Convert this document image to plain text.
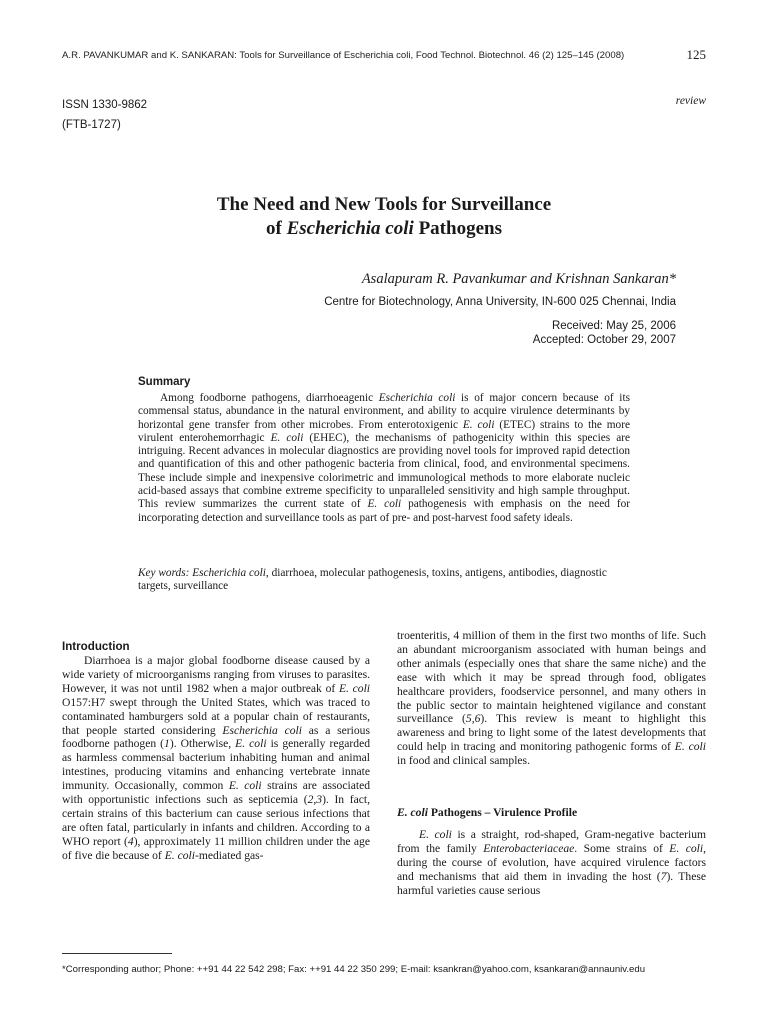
A.R. PAVANKUMAR and K. SANKARAN: Tools for Surveillance of Escherichia coli, Food Technol. Biotechnol. 46 (2) 125–145 (2008)	125
ISSN 1330-9862
(FTB-1727)
review
The Need and New Tools for Surveillance
of Escherichia coli Pathogens
Asalapuram R. Pavankumar and Krishnan Sankaran*
Centre for Biotechnology, Anna University, IN-600 025 Chennai, India
Received: May 25, 2006
Accepted: October 29, 2007
Summary
Among foodborne pathogens, diarrhoeagenic Escherichia coli is of major concern because of its commensal status, abundance in the natural environment, and ability to acquire virulence determinants by horizontal gene transfer from other microbes. From enterotoxigenic E. coli (ETEC) strains to the more virulent enterohemorrhagic E. coli (EHEC), the mechanisms of pathogenicity within this species are intriguing. Recent advances in molecular diagnostics are providing novel tools for improved rapid detection and quantification of this and other pathogenic bacteria from clinical, food, and environmental specimens. These include simple and inexpensive colorimetric and immunological methods to more elaborate nucleic acid-based assays that combine extreme specificity to unparalleled sensitivity and high sample throughput. This review summarizes the current state of E. coli pathogenesis with emphasis on the need for incorporating detection and surveillance tools as part of pre- and post-harvest food safety ideals.
Key words: Escherichia coli, diarrhoea, molecular pathogenesis, toxins, antigens, antibodies, diagnostic targets, surveillance
Introduction
Diarrhoea is a major global foodborne disease caused by a wide variety of microorganisms ranging from viruses to parasites. However, it was not until 1982 when a major outbreak of E. coli O157:H7 swept through the United States, which was traced to contaminated hamburgers sold at a popular chain of restaurants, that people started considering Escherichia coli as a serious foodborne pathogen (1). Otherwise, E. coli is generally regarded as harmless commensal bacterium inhabiting human and animal intestines, producing vitamins and enhancing vertebrate innate immunity. Occasionally, common E. coli strains are associated with opportunistic infections such as septicemia (2,3). In fact, certain strains of this bacterium can cause serious infections that are often fatal, particularly in infants and children. According to a WHO report (4), approximately 11 million children under the age of five die because of E. coli-mediated gas-
troenteritis, 4 million of them in the first two months of life. Such an abundant microorganism associated with human beings and other animals (especially ones that share the same niche) and the ease with which it may be spread through food, obligates healthcare providers, foodservice personnel, and many others in the public sector to maintain heightened vigilance and constant surveillance (5,6). This review is meant to highlight this awareness and bring to light some of the latest developments that could help in tracing and monitoring pathogenic forms of E. coli in food and clinical samples.
E. coli Pathogens – Virulence Profile
E. coli is a straight, rod-shaped, Gram-negative bacterium from the family Enterobacteriaceae. Some strains of E. coli, during the course of evolution, have acquired virulence factors and mechanisms that aid them in invading the host (7). These harmful varieties cause serious
*Corresponding author; Phone: ++91 44 22 542 298; Fax: ++91 44 22 350 299; E-mail: ksankran@yahoo.com, ksankaran@annauniv.edu
